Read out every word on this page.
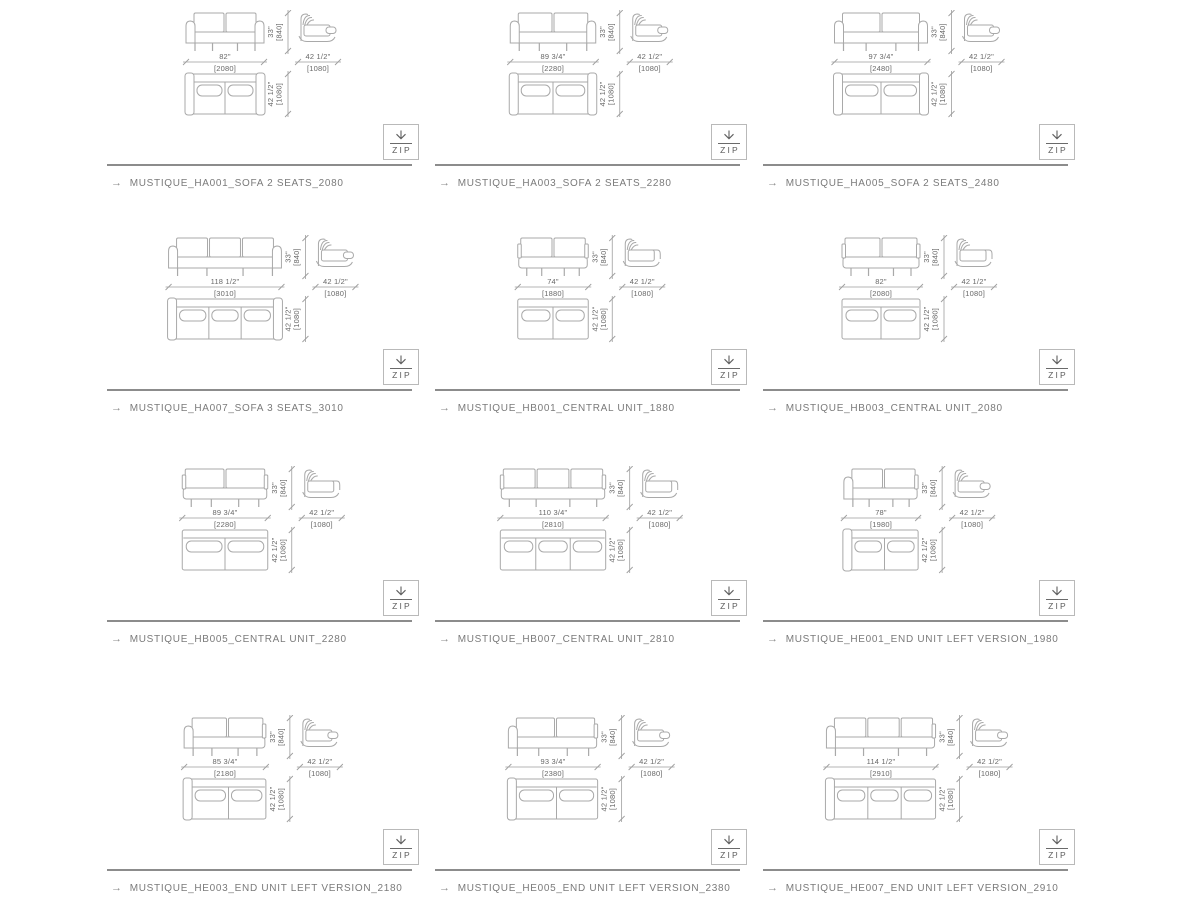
33" [840]
82"
[2080]
42 1/2"
[1080]
42 1/2" [1080]
ZIP
→ MUSTIQUE_HA001_SOFA 2 SEATS_2080
33" [840]
89 3/4"
[2280]
42 1/2"
[1080]
42 1/2" [1080]
ZIP
→ MUSTIQUE_HA003_SOFA 2 SEATS_2280
33" [840]
97 3/4"
[2480]
42 1/2"
[1080]
42 1/2" [1080]
ZIP
→ MUSTIQUE_HA005_SOFA 2 SEATS_2480
33" [840]
118 1/2"
[3010]
42 1/2"
[1080]
42 1/2" [1080]
ZIP
→ MUSTIQUE_HA007_SOFA 3 SEATS_3010
33" [840]
74"
[1880]
42 1/2"
[1080]
42 1/2" [1080]
ZIP
→ MUSTIQUE_HB001_CENTRAL UNIT_1880
33" [840]
82"
[2080]
42 1/2"
[1080]
42 1/2" [1080]
ZIP
→ MUSTIQUE_HB003_CENTRAL UNIT_2080
33" [840]
89 3/4"
[2280]
42 1/2"
[1080]
42 1/2" [1080]
ZIP
→ MUSTIQUE_HB005_CENTRAL UNIT_2280
33" [840]
110 3/4"
[2810]
42 1/2"
[1080]
42 1/2" [1080]
ZIP
→ MUSTIQUE_HB007_CENTRAL UNIT_2810
33" [840]
78"
[1980]
42 1/2"
[1080]
42 1/2" [1080]
ZIP
→ MUSTIQUE_HE001_END UNIT LEFT VERSION_1980
33" [840]
85 3/4"
[2180]
42 1/2"
[1080]
42 1/2" [1080]
ZIP
→ MUSTIQUE_HE003_END UNIT LEFT VERSION_2180
33" [840]
93 3/4"
[2380]
42 1/2"
[1080]
42 1/2" [1080]
ZIP
→ MUSTIQUE_HE005_END UNIT LEFT VERSION_2380
33" [840]
114 1/2"
[2910]
42 1/2"
[1080]
42 1/2" [1080]
ZIP
→ MUSTIQUE_HE007_END UNIT LEFT VERSION_2910
